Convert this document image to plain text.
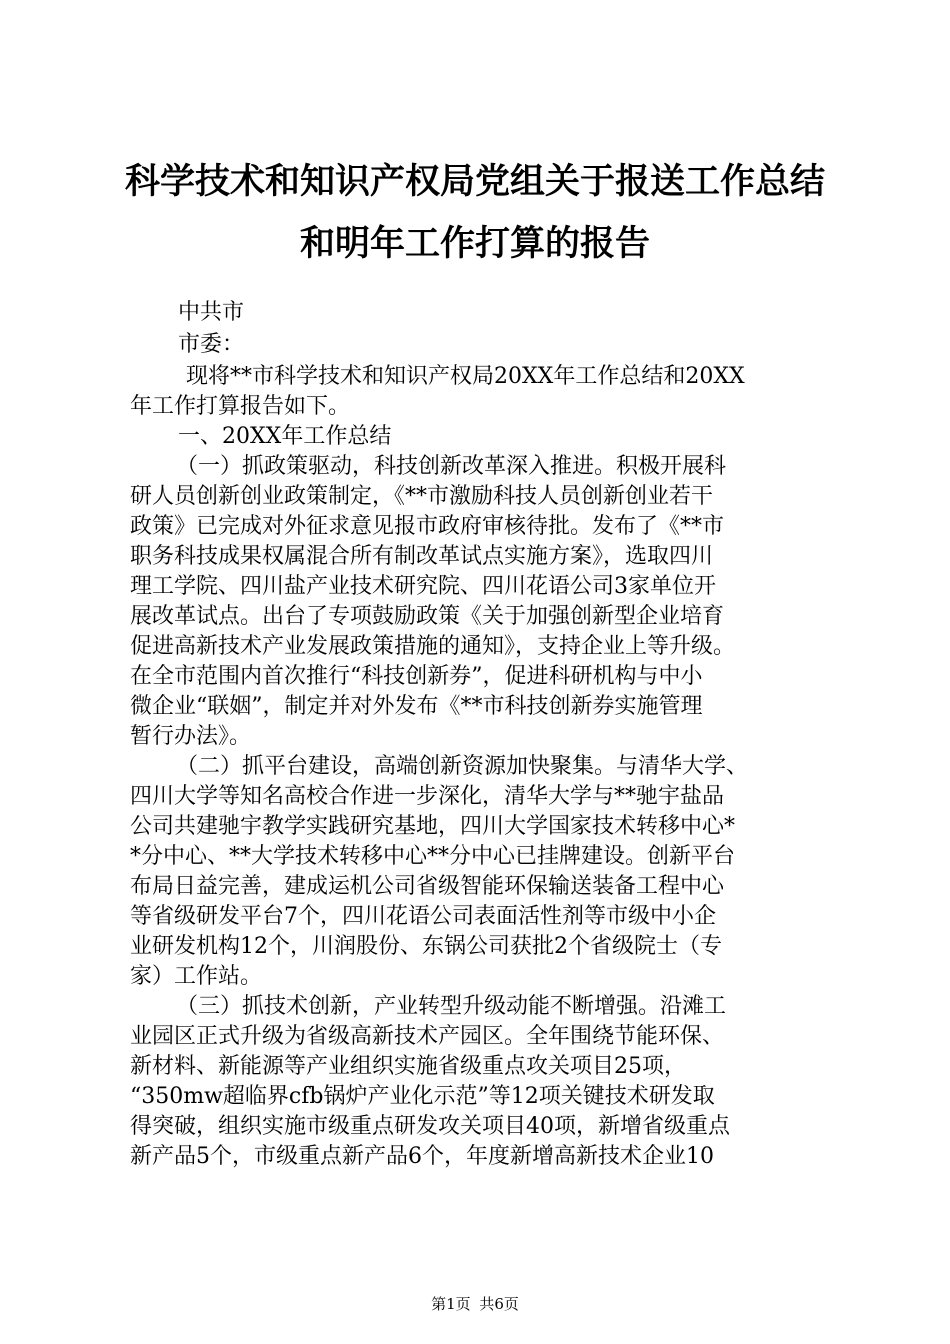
科学技术和知识产权局党组关于报送工作总结
和明年工作打算的报告
中共市
市委：
现将**市科学技术和知识产权局20XX年工作总结和20XX
年工作打算报告如下。
一、20XX年工作总结
（一）抓政策驱动，科技创新改革深入推进。积极开展科
研人员创新创业政策制定，《**市激励科技人员创新创业若干
政策》已完成对外征求意见报市政府审核待批。发布了《**市
职务科技成果权属混合所有制改革试点实施方案》，选取四川
理工学院、四川盐产业技术研究院、四川花语公司3家单位开
展改革试点。出台了专项鼓励政策《关于加强创新型企业培育
促进高新技术产业发展政策措施的通知》，支持企业上等升级。
在全市范围内首次推行“科技创新券”，促进科研机构与中小
微企业“联姻”，制定并对外发布《**市科技创新券实施管理
暂行办法》。
（二）抓平台建设，高端创新资源加快聚集。与清华大学、
四川大学等知名高校合作进一步深化，清华大学与**驰宇盐品
公司共建驰宇教学实践研究基地，四川大学国家技术转移中心*
*分中心、**大学技术转移中心**分中心已挂牌建设。创新平台
布局日益完善，建成运机公司省级智能环保输送装备工程中心
等省级研发平台7个，四川花语公司表面活性剂等市级中小企
业研发机构12个，川润股份、东锅公司获批2个省级院士（专
家）工作站。
（三）抓技术创新，产业转型升级动能不断增强。沿滩工
业园区正式升级为省级高新技术产园区。全年围绕节能环保、
新材料、新能源等产业组织实施省级重点攻关项目25项，
“350mw超临界cfb锅炉产业化示范”等12项关键技术研发取
得突破，组织实施市级重点研发攻关项目40项，新增省级重点
新产品5个，市级重点新产品6个，年度新增高新技术企业10
第1页 共6页
